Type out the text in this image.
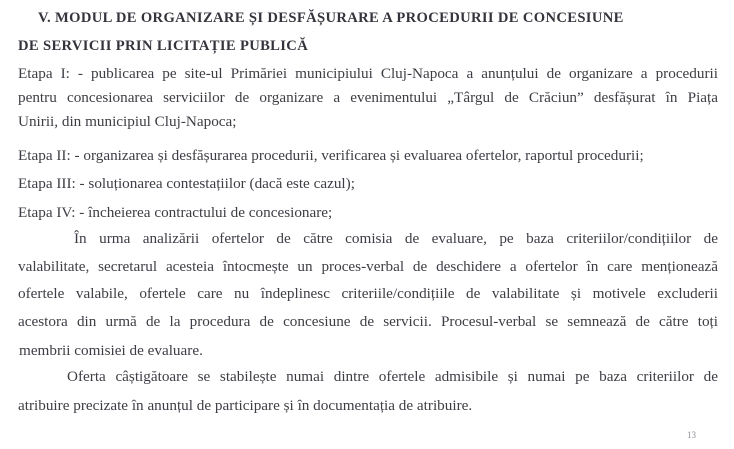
V. MODUL DE ORGANIZARE ȘI DESFĂȘURARE A PROCEDURII DE CONCESIUNE
DE SERVICII PRIN LICITAȚIE PUBLICĂ
Etapa I: - publicarea pe site-ul Primăriei municipiului Cluj-Napoca a anunțului de organizare a procedurii
pentru concesionarea serviciilor de organizare a evenimentului „Târgul de Crăciun” desfășurat în Piața
Unirii, din municipiul Cluj-Napoca;
Etapa II: - organizarea și desfășurarea procedurii, verificarea și evaluarea ofertelor, raportul procedurii;
Etapa III: - soluționarea contestațiilor (dacă este cazul);
Etapa IV: - încheierea contractului de concesionare;
În urma analizării ofertelor de către comisia de evaluare, pe baza criteriilor/condițiilor de
valabilitate, secretarul acesteia întocmește un proces-verbal de deschidere a ofertelor în care menționează
ofertele valabile, ofertele care nu îndeplinesc criteriile/condițiile de valabilitate și motivele excluderii
acestora din urmă de la procedura de concesiune de servicii. Procesul-verbal se semnează de către toți
membrii comisiei de evaluare.
Oferta câștigătoare se stabilește numai dintre ofertele admisibile și numai pe baza criteriilor de
atribuire precizate în anunțul de participare și în documentația de atribuire.
13
